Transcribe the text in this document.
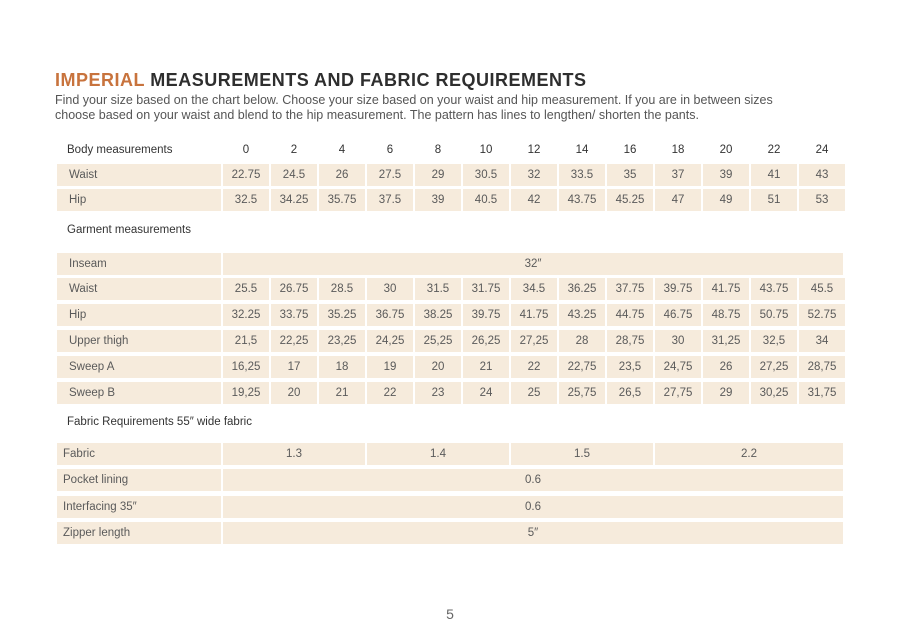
IMPERIAL MEASUREMENTS AND FABRIC REQUIREMENTS
Find your size based on the chart below. Choose your size based on your waist and hip measurement. If you are in between sizes
choose based on your waist and blend to the hip measurement. The pattern has lines to lengthen/ shorten the pants.
Body measurements	0	2	4	6	8	10	12	14	16	18	20	22	24
Waist	22.75	24.5	26	27.5	29	30.5	32	33.5	35	37	39	41	43
Hip	32.5	34.25	35.75	37.5	39	40.5	42	43.75	45.25	47	49	51	53
Garment measurements
Inseam	32″
Waist	25.5	26.75	28.5	30	31.5	31.75	34.5	36.25	37.75	39.75	41.75	43.75	45.5
Hip	32.25	33.75	35.25	36.75	38.25	39.75	41.75	43.25	44.75	46.75	48.75	50.75	52.75
Upper thigh	21,5	22,25	23,25	24,25	25,25	26,25	27,25	28	28,75	30	31,25	32,5	34
Sweep A	16,25	17	18	19	20	21	22	22,75	23,5	24,75	26	27,25	28,75
Sweep B	19,25	20	21	22	23	24	25	25,75	26,5	27,75	29	30,25	31,75
Fabric Requirements 55″ wide fabric
Fabric	1.3	1.4	1.5	2.2
Pocket lining	0.6
Interfacing 35″	0.6
Zipper length	5″
5
